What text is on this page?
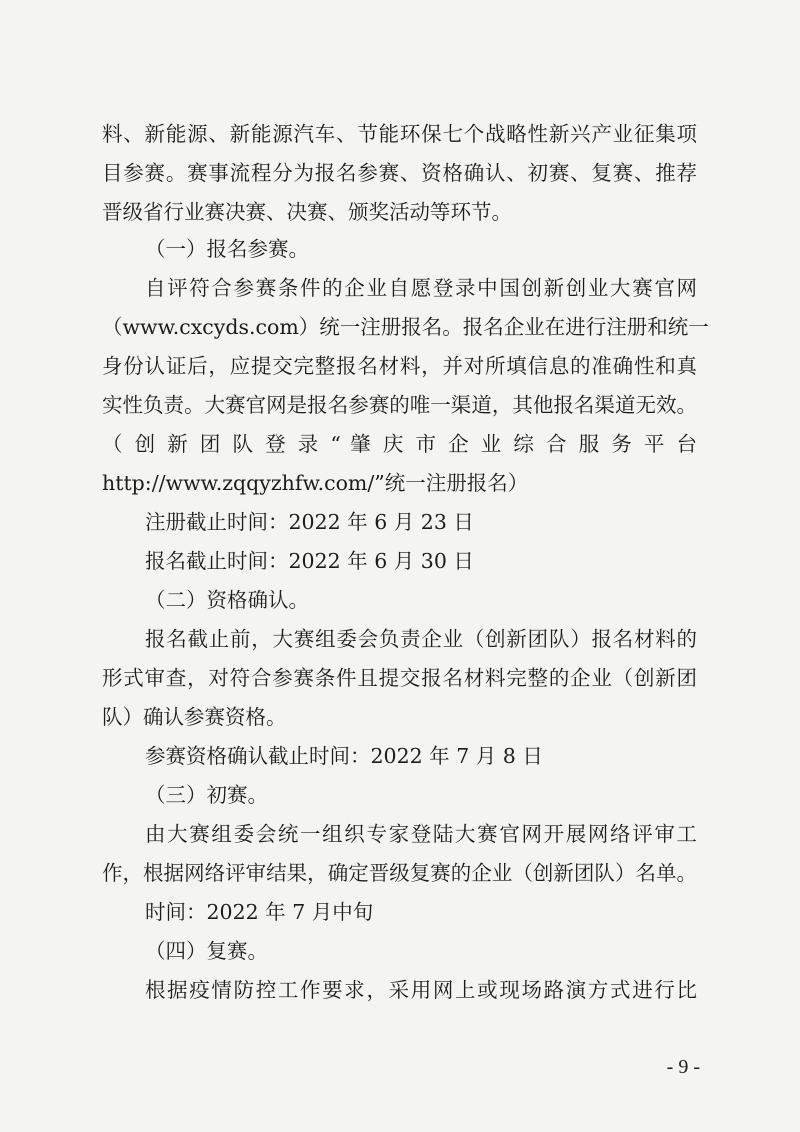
料、新能源、新能源汽车、节能环保七个战略性新兴产业征集项
目参赛。赛事流程分为报名参赛、资格确认、初赛、复赛、推荐
晋级省行业赛决赛、决赛、颁奖活动等环节。
（一）报名参赛。
自评符合参赛条件的企业自愿登录中国创新创业大赛官网
（www.cxcyds.com）统一注册报名。报名企业在进行注册和统一
身份认证后，应提交完整报名材料，并对所填信息的准确性和真
实性负责。大赛官网是报名参赛的唯一渠道，其他报名渠道无效。
（ 创 新 团 队 登 录 “ 肇 庆 市 企 业 综 合 服 务 平 台
http://www.zqqyzhfw.com/”统一注册报名）
注册截止时间：2022 年 6 月 23 日
报名截止时间：2022 年 6 月 30 日
（二）资格确认。
报名截止前，大赛组委会负责企业（创新团队）报名材料的
形式审查，对符合参赛条件且提交报名材料完整的企业（创新团
队）确认参赛资格。
参赛资格确认截止时间：2022 年 7 月 8 日
（三）初赛。
由大赛组委会统一组织专家登陆大赛官网开展网络评审工
作，根据网络评审结果，确定晋级复赛的企业（创新团队）名单。
时间：2022 年 7 月中旬
（四）复赛。
根据疫情防控工作要求，采用网上或现场路演方式进行比
- 9 -
